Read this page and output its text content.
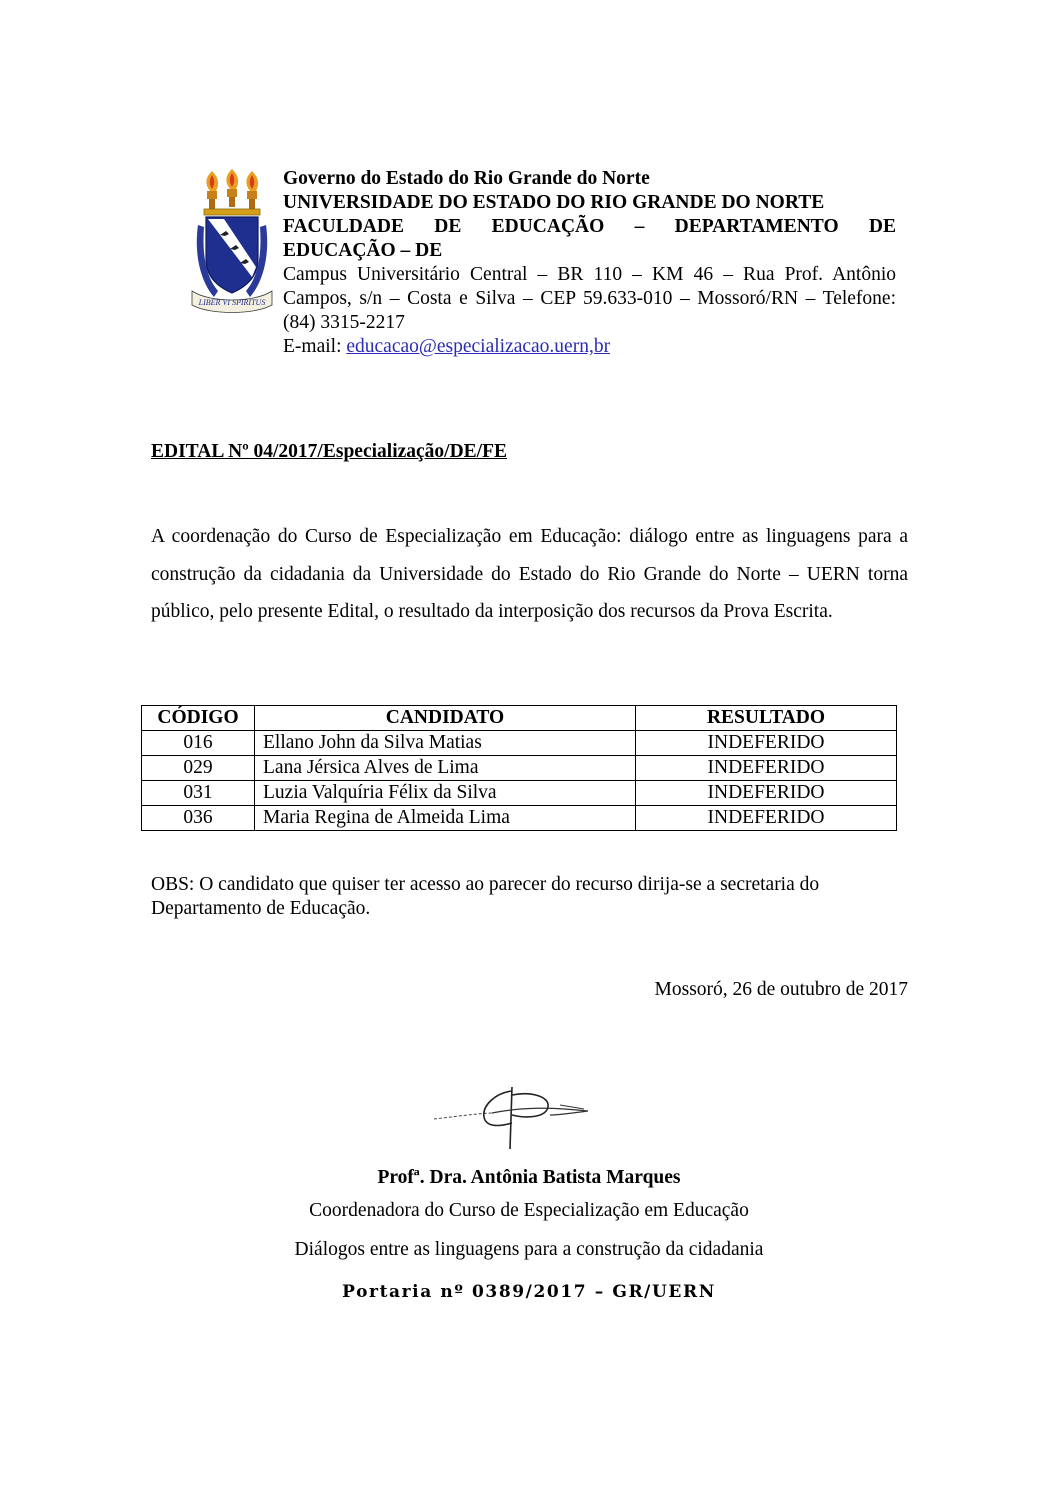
LIBER VI SPIRITUS
Governo do Estado do Rio Grande do Norte
UNIVERSIDADE DO ESTADO DO RIO GRANDE DO NORTE
FACULDADE DE EDUCAÇÃO – DEPARTAMENTO DE
EDUCAÇÃO – DE
Campus Universitário Central – BR 110 – KM 46 – Rua Prof. Antônio Campos, s/n – Costa e Silva – CEP 59.633-010 – Mossoró/RN – Telefone: (84) 3315-2217
E-mail: educacao@especializacao.uern,br
EDITAL Nº 04/2017/Especialização/DE/FE
A coordenação do Curso de Especialização em Educação: diálogo entre as linguagens para a construção da cidadania da Universidade do Estado do Rio Grande do Norte – UERN torna público, pelo presente Edital, o resultado da interposição dos recursos da Prova Escrita.
CÓDIGO	CANDIDATO	RESULTADO
016	Ellano John da Silva Matias	INDEFERIDO
029	Lana Jérsica Alves de Lima	INDEFERIDO
031	Luzia Valquíria Félix da Silva	INDEFERIDO
036	Maria Regina de Almeida Lima	INDEFERIDO
OBS: O candidato que quiser ter acesso ao parecer do recurso dirija-se a secretaria do Departamento de Educação.
Mossoró, 26 de outubro de 2017
Profª. Dra. Antônia Batista Marques
Coordenadora do Curso de Especialização em Educação
Diálogos entre as linguagens para a construção da cidadania
Portaria nº 0389/2017 – GR/UERN
